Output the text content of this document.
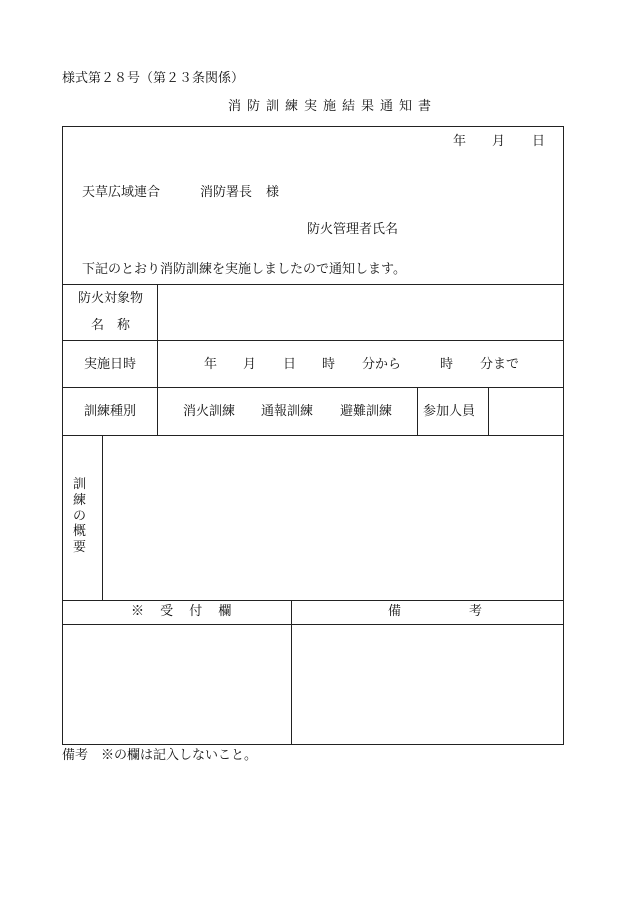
様式第２８号（第２３条関係）
消防訓練実施結果通知書
年 月 日
天草広域連合	消防署長 様
防火管理者氏名
下記のとおり消防訓練を実施しましたので通知します。
防火対象物
名　称
実施日時	年 月 日 時 分から	時 分まで
訓練種別	消火訓練 通報訓練 避難訓練 参加人員
訓
練
の
概
要
※ 受 付 欄	備　　考
備考　※の欄は記入しないこと。
